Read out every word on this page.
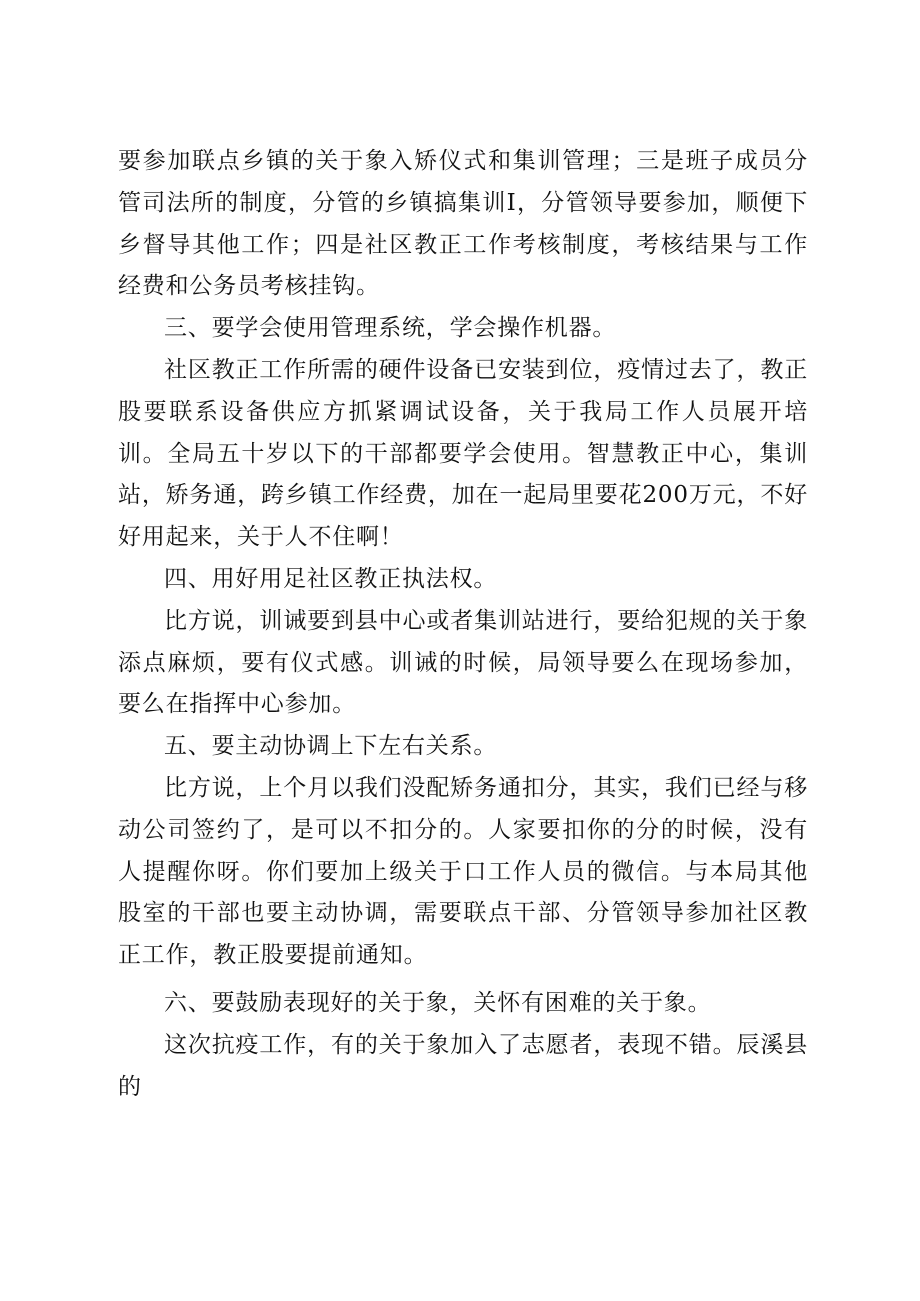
要参加联点乡镇的关于象入矫仪式和集训管理；三是班子成员分管司法所的制度，分管的乡镇搞集训I，分管领导要参加，顺便下乡督导其他工作；四是社区教正工作考核制度，考核结果与工作经费和公务员考核挂钩。

三、要学会使用管理系统，学会操作机器。

社区教正工作所需的硬件设备已安装到位，疫情过去了，教正股要联系设备供应方抓紧调试设备，关于我局工作人员展开培训。全局五十岁以下的干部都要学会使用。智慧教正中心，集训站，矫务通，跨乡镇工作经费，加在一起局里要花200万元，不好好用起来，关于人不住啊！

四、用好用足社区教正执法权。

比方说，训诫要到县中心或者集训站进行，要给犯规的关于象添点麻烦，要有仪式感。训诫的时候，局领导要么在现场参加，要么在指挥中心参加。

五、要主动协调上下左右关系。

比方说，上个月以我们没配矫务通扣分，其实，我们已经与移动公司签约了，是可以不扣分的。人家要扣你的分的时候，没有人提醒你呀。你们要加上级关于口工作人员的微信。与本局其他股室的干部也要主动协调，需要联点干部、分管领导参加社区教正工作，教正股要提前通知。

六、要鼓励表现好的关于象，关怀有困难的关于象。

这次抗疫工作，有的关于象加入了志愿者，表现不错。辰溪县的
